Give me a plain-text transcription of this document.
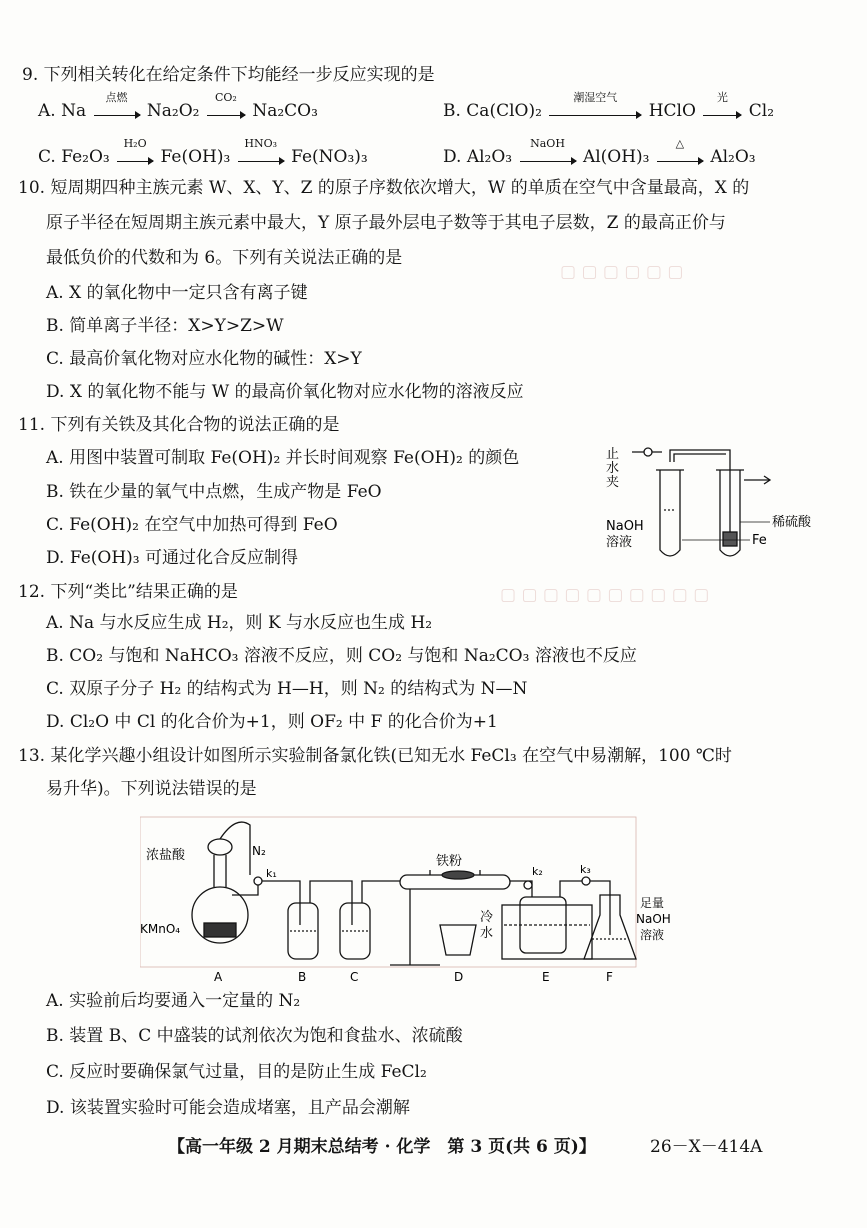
▢ ▢ ▢ ▢ ▢ ▢
▢ ▢ ▢ ▢ ▢ ▢ ▢ ▢ ▢ ▢
9. 下列相关转化在给定条件下均能经一步反应实现的是
A. Na
点燃
Na₂O₂
CO₂
Na₂CO₃	B. Ca(ClO)₂
潮湿空气
HClO
光
Cl₂
C. Fe₂O₃
H₂O
Fe(OH)₃
HNO₃
Fe(NO₃)₃	D. Al₂O₃
NaOH
Al(OH)₃
△
Al₂O₃
10. 短周期四种主族元素 W、X、Y、Z 的原子序数依次增大，W 的单质在空气中含量最高，X 的
原子半径在短周期主族元素中最大，Y 原子最外层电子数等于其电子层数，Z 的最高正价与
最低负价的代数和为 6。下列有关说法正确的是
A. X 的氧化物中一定只含有离子键
B. 简单离子半径：X>Y>Z>W
C. 最高价氧化物对应水化物的碱性：X>Y
D. X 的氧化物不能与 W 的最高价氧化物对应水化物的溶液反应
11. 下列有关铁及其化合物的说法正确的是
A. 用图中装置可制取 Fe(OH)₂ 并长时间观察 Fe(OH)₂ 的颜色
B. 铁在少量的氧气中点燃，生成产物是 FeO
C. Fe(OH)₂ 在空气中加热可得到 FeO
D. Fe(OH)₃ 可通过化合反应制得
止
水
夹
NaOH
溶液
稀硫酸
Fe
12. 下列“类比”结果正确的是
A. Na 与水反应生成 H₂，则 K 与水反应也生成 H₂
B. CO₂ 与饱和 NaHCO₃ 溶液不反应，则 CO₂ 与饱和 Na₂CO₃ 溶液也不反应
C. 双原子分子 H₂ 的结构式为 H—H，则 N₂ 的结构式为 N—N
D. Cl₂O 中 Cl 的化合价为+1，则 OF₂ 中 F 的化合价为+1
13. 某化学兴趣小组设计如图所示实验制备氯化铁(已知无水 FeCl₃ 在空气中易潮解，100 ℃时
易升华)。下列说法错误的是
浓盐酸	N₂
k₁
KMnO₄
铁粉
k₂	k₃
冷
水
足量
NaOH
溶液
A	B	C	D	E	F
A. 实验前后均要通入一定量的 N₂
B. 装置 B、C 中盛装的试剂依次为饱和食盐水、浓硫酸
C. 反应时要确保氯气过量，目的是防止生成 FeCl₂
D. 该装置实验时可能会造成堵塞，且产品会潮解
【高一年级 2 月期末总结考 · 化学　第 3 页(共 6 页)】	26－X－414A
